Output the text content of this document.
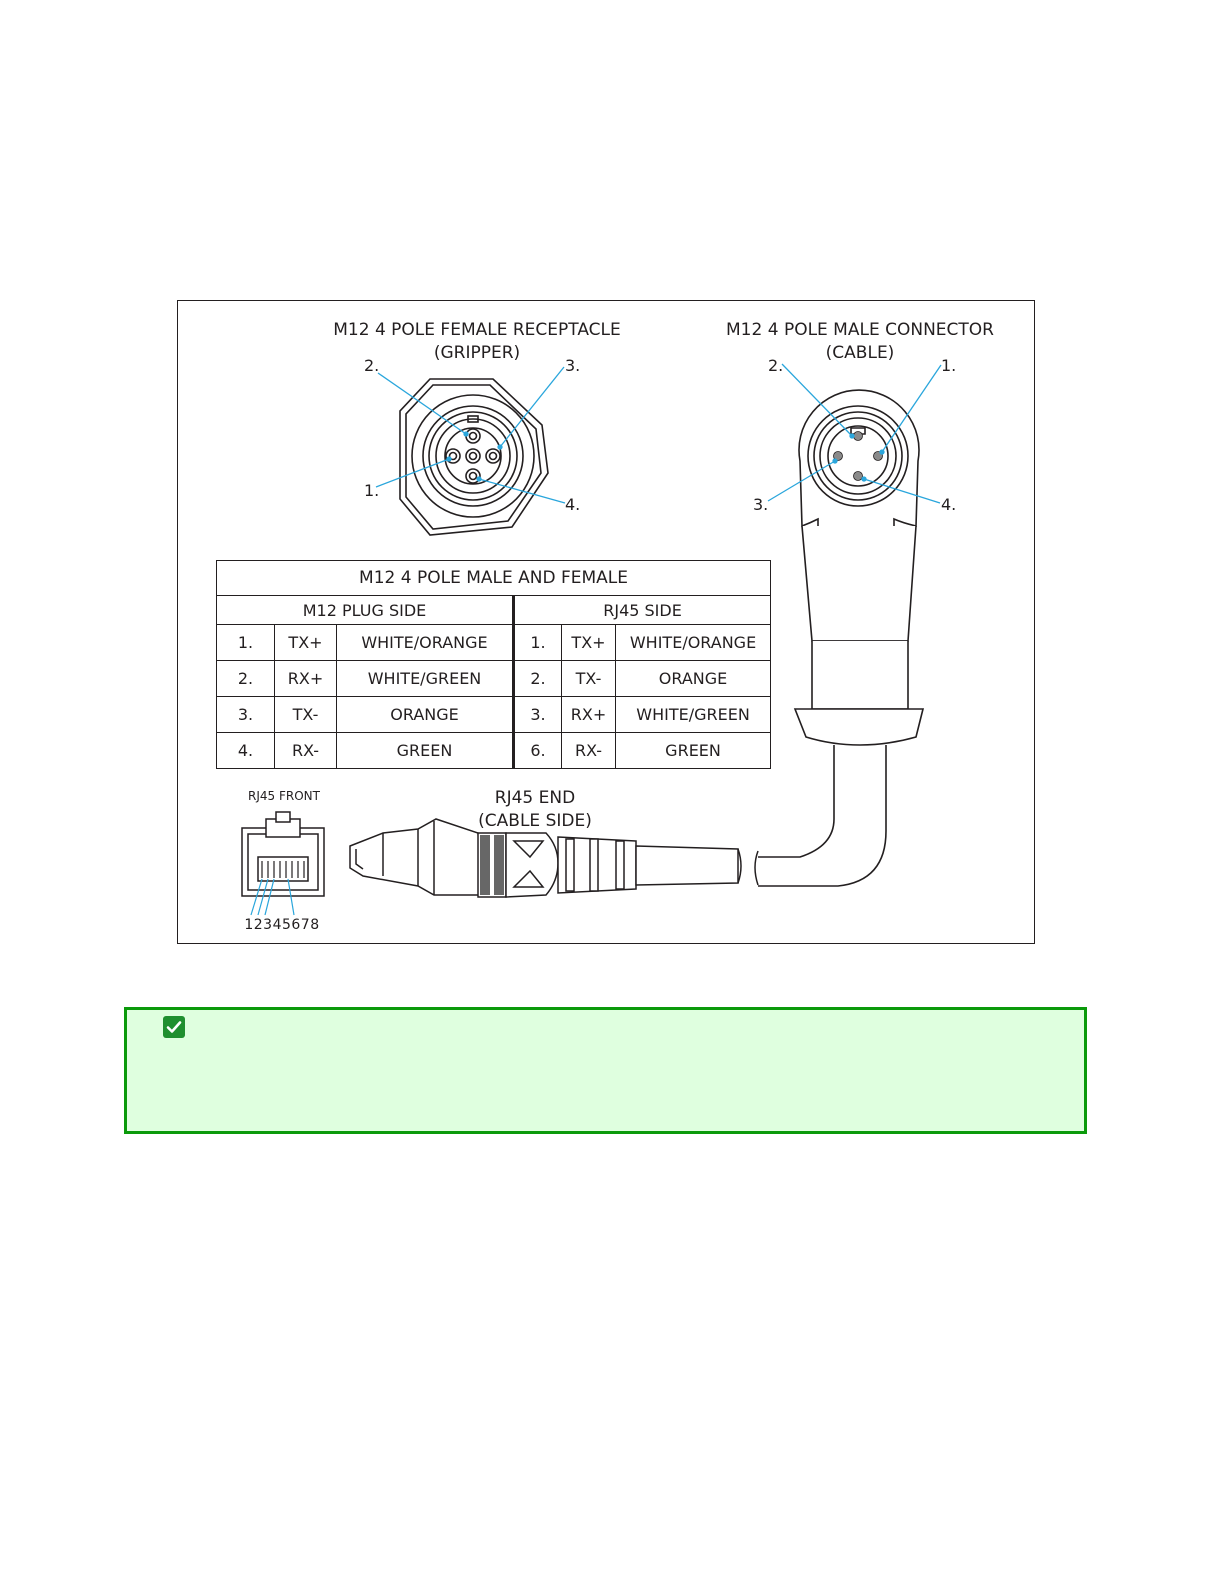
M12 4 POLE FEMALE RECEPTACLE
(GRIPPER)
2.	3.
1.
4.
M12 4 POLE MALE CONNECTOR
(CABLE)
2.	1.
3.	4.
RJ45 FRONT
12345678
RJ45 END
(CABLE SIDE)
M12 4 POLE MALE AND FEMALE					
M12 PLUG SIDE			RJ45 SIDE		
1.	TX+	WHITE/ORANGE	1.	TX+	WHITE/ORANGE
2.	RX+	WHITE/GREEN	2.	TX-	ORANGE
3.	TX-	ORANGE	3.	RX+	WHITE/GREEN
4.	RX-	GREEN	6.	RX-	GREEN
